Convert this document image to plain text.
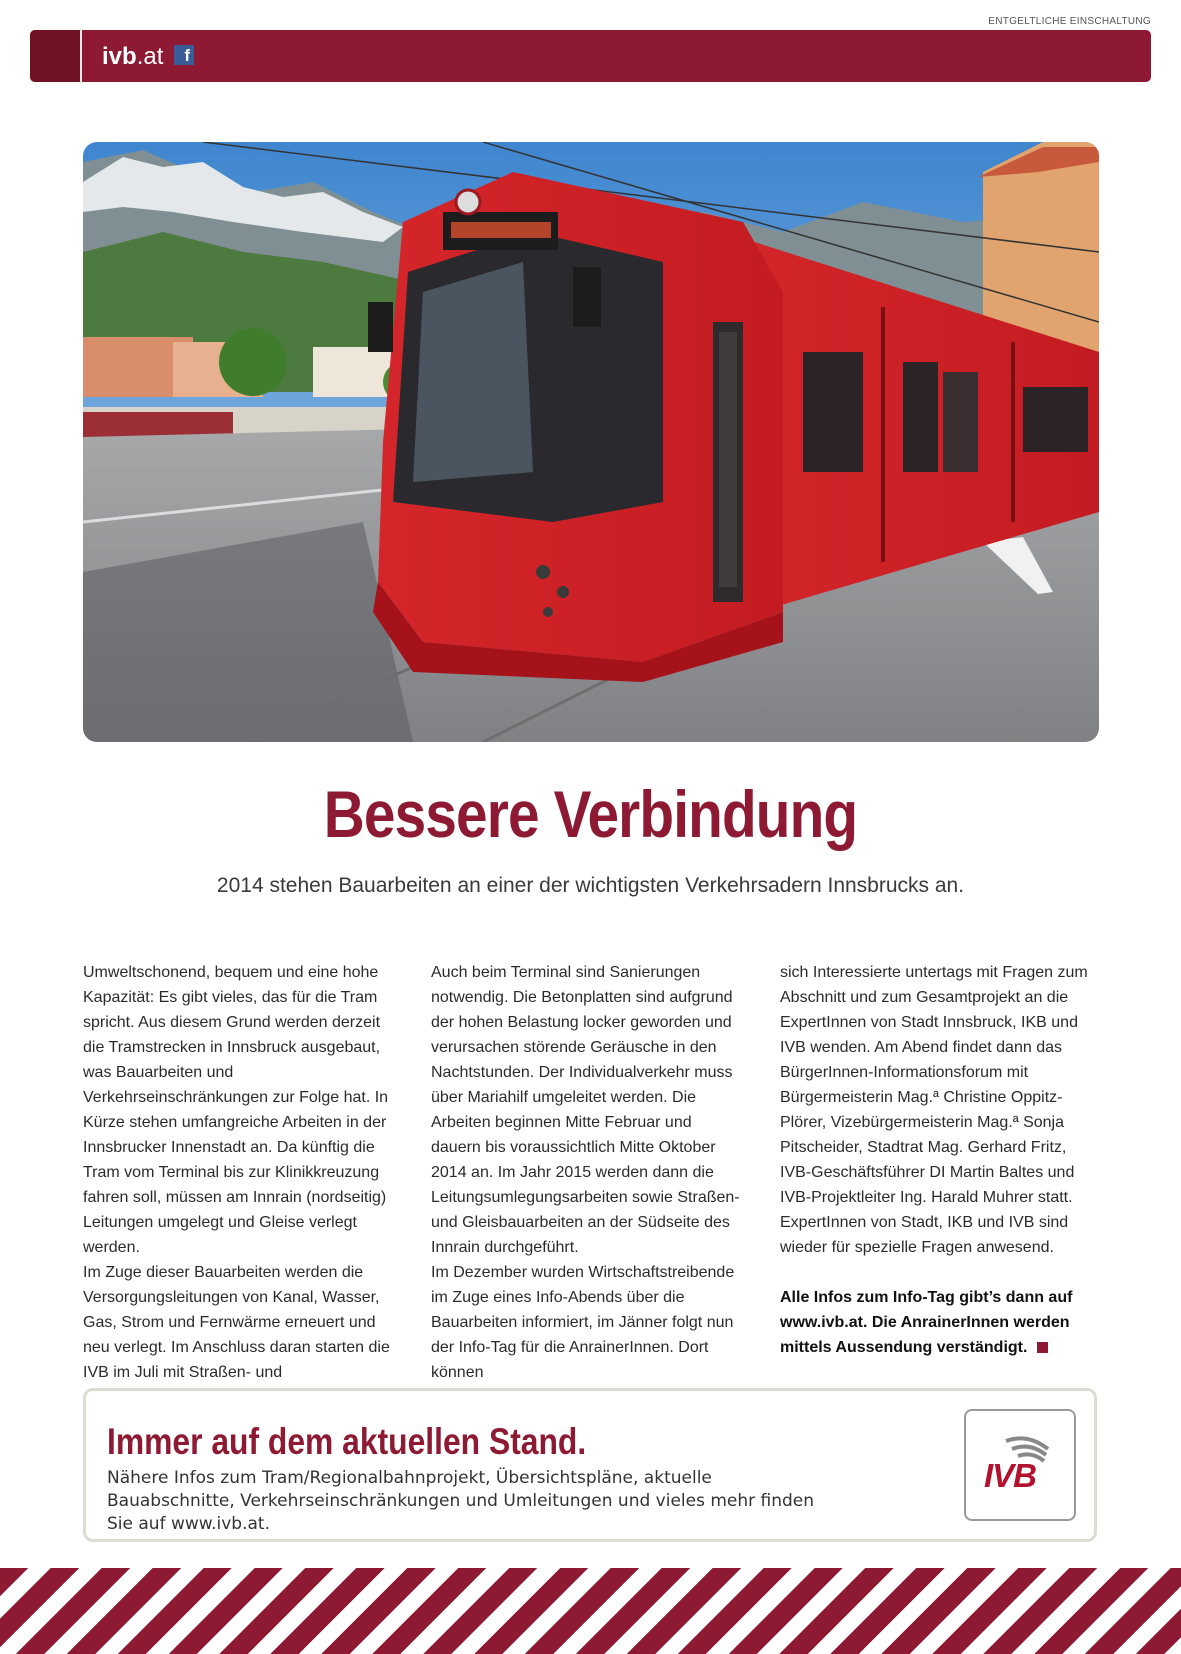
ENTGELTLICHE EINSCHALTUNG
ivb.at	f
Bessere Verbindung
2014 stehen Bauarbeiten an einer der wichtigsten Verkehrsadern Innsbrucks an.

Umweltschonend, bequem und eine hohe Kapazität: Es gibt vieles, das für die Tram spricht. Aus diesem Grund werden derzeit die Tramstrecken in Innsbruck ausgebaut, was Bauarbeiten und Verkehrseinschränkungen zur Folge hat. In Kürze stehen umfangreiche Arbeiten in der Innsbrucker Innenstadt an. Da künftig die Tram vom Terminal bis zur Klinikkreuzung fahren soll, müssen am Innrain (nordseitig) Leitungen umgelegt und Gleise verlegt werden.

Im Zuge dieser Bauarbeiten werden die Versorgungsleitungen von Kanal, Wasser, Gas, Strom und Fernwärme erneuert und neu verlegt. Im Anschluss daran starten die IVB im Juli mit Straßen- und

Auch beim Terminal sind Sanierungen notwendig. Die Betonplatten sind aufgrund der hohen Belastung locker geworden und verursachen störende Geräusche in den Nachtstunden. Der Individualverkehr muss über Mariahilf umgeleitet werden. Die Arbeiten beginnen Mitte Februar und dauern bis voraussichtlich Mitte Oktober 2014 an. Im Jahr 2015 werden dann die Leitungsumlegungsarbeiten sowie Straßen- und Gleisbauarbeiten an der Südseite des Innrain durchgeführt.

Im Dezember wurden Wirtschaftstreibende im Zuge eines Info-Abends über die Bauarbeiten informiert, im Jänner folgt nun der Info-Tag für die AnrainerInnen. Dort können

sich Interessierte untertags mit Fragen zum Abschnitt und zum Gesamtprojekt an die ExpertInnen von Stadt Innsbruck, IKB und IVB wenden. Am Abend findet dann das BürgerInnen-Informationsforum mit Bürgermeisterin Mag.ª Christine Oppitz-Plörer, Vizebürgermeisterin Mag.ª Sonja Pitscheider, Stadtrat Mag. Gerhard Fritz, IVB-Geschäftsführer DI Martin Baltes und IVB-Projektleiter Ing. Harald Muhrer statt. ExpertInnen von Stadt, IKB und IVB sind wieder für spezielle Fragen anwesend.

Alle Infos zum Info-Tag gibt’s dann auf www.ivb.at. Die AnrainerInnen werden mittels Aussendung verständigt.

Immer auf dem aktuellen Stand.
Nähere Infos zum Tram/Regionalbahnprojekt, Übersichtspläne, aktuelle Bauabschnitte, Verkehrseinschränkungen und Umleitungen und vieles mehr finden Sie auf www.ivb.at.
IVB
